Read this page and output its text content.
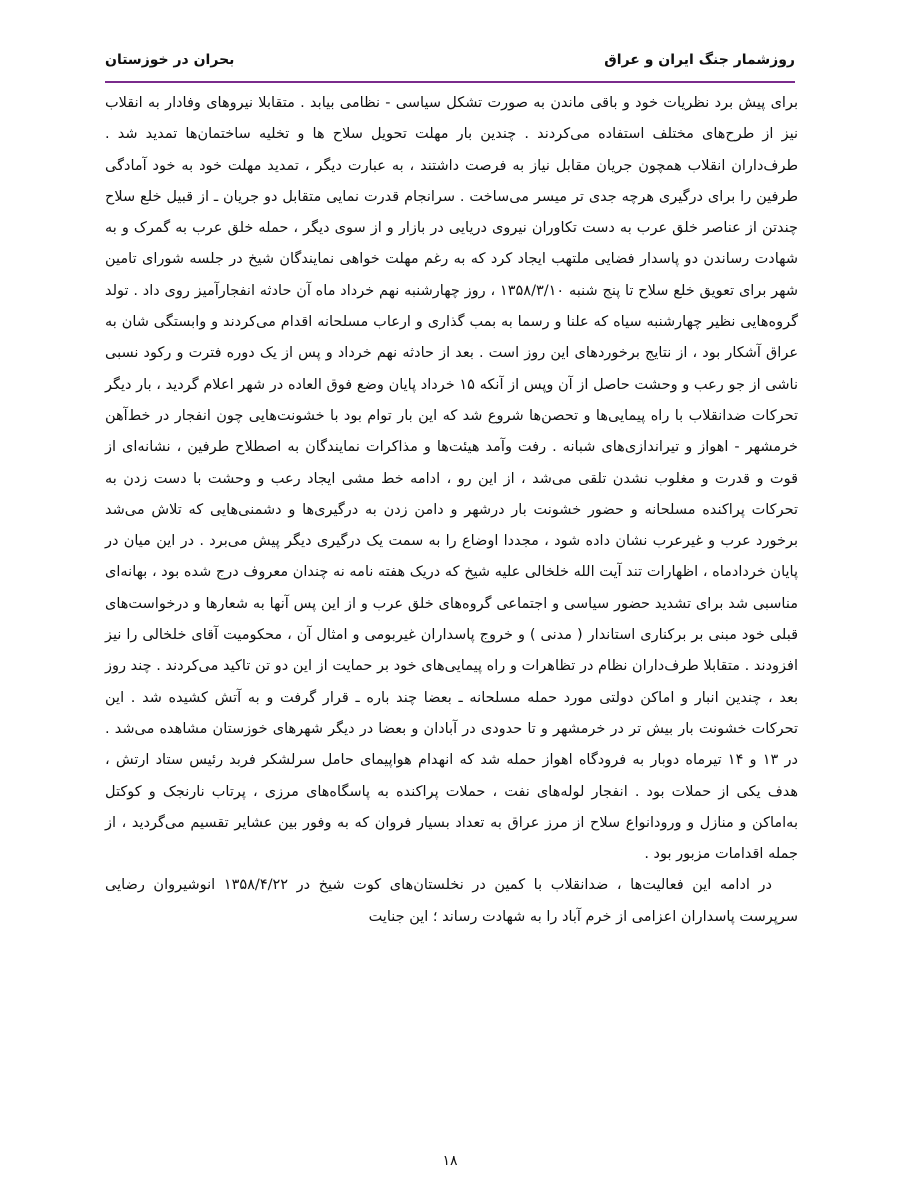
روزشمار جنگ ایران و عراق
بحران در خوزستان

برای پیش برد نظریات خود و باقی ماندن به صورت تشکل سیاسی - نظامی بیابد . متقابلا نیروهای وفادار به انقلاب نیز از طرح‌های مختلف استفاده می‌کردند . چندین بار مهلت تحویل سلاح ها و تخلیه ساختمان‌ها تمدید شد . طرف‌داران انقلاب همچون جریان مقابل نیاز به فرصت داشتند ، به عبارت دیگر ، تمدید مهلت خود به خود آمادگی طرفین را برای درگیری هرچه جدی تر میسر می‌ساخت . سرانجام قدرت نمایی متقابل دو جریان ـ از قبیل خلع سلاح چندتن از عناصر خلق عرب به دست تکاوران نیروی دریایی در بازار و از سوی دیگر ، حمله خلق عرب به گمرک و به شهادت رساندن دو پاسدار فضایی ملتهب ایجاد کرد که به رغم مهلت خواهی نمایندگان شیخ در جلسه شورای تامین شهر برای تعویق خلع سلاح تا پنج شنبه ۱۳۵۸/۳/۱۰ ، روز چهارشنبه نهم خرداد ماه آن حادثه انفجارآمیز روی داد . تولد گروه‌هایی نظیر چهارشنبه سیاه که علنا و رسما به بمب گذاری و ارعاب مسلحانه اقدام می‌کردند و وابستگی شان به عراق آشکار بود ، از نتایج برخوردهای این روز است . بعد از حادثه نهم خرداد و پس از یک دوره فترت و رکود نسبی ناشی از جو رعب و وحشت حاصل از آن وپس از آنکه ۱۵ خرداد پایان وضع فوق العاده در شهر اعلام گردید ، بار دیگر تحرکات ضدانقلاب با راه پیمایی‌ها و تحصن‌ها شروع شد که این بار توام بود با خشونت‌هایی چون انفجار در خط‌آهن خرمشهر - اهواز و تیراندازی‌های شبانه . رفت وآمد هیئت‌ها و مذاکرات نمایندگان به اصطلاح طرفین ، نشانه‌ای از قوت و قدرت و مغلوب نشدن تلقی می‌شد ، از این رو ، ادامه خط مشی ایجاد رعب و وحشت با دست زدن به تحرکات پراکنده مسلحانه و حضور خشونت بار درشهر و دامن زدن به درگیری‌ها و دشمنی‌هایی که تلاش می‌شد برخورد عرب و غیرعرب نشان داده شود ، مجددا اوضاع را به سمت یک درگیری دیگر پیش می‌برد . در این میان در پایان خردادماه ، اظهارات تند آیت الله خلخالی علیه شیخ که دریک هفته نامه نه چندان معروف درج شده بود ، بهانه‌ای مناسبی شد برای تشدید حضور سیاسی و اجتماعی گروه‌های خلق عرب و از این پس آنها به شعارها و درخواست‌های قبلی خود مبنی بر برکناری استاندار ( مدنی ) و خروج پاسداران غیربومی و امثال آن ، محکومیت آقای خلخالی را نیز افزودند . متقابلا طرف‌داران نظام در تظاهرات و راه پیمایی‌های خود بر حمایت از این دو تن تاکید می‌کردند . چند روز بعد ، چندین انبار و اماکن دولتی مورد حمله مسلحانه ـ بعضا چند باره ـ قرار گرفت و به آتش کشیده شد . این تحرکات خشونت بار بیش تر در خرمشهر و تا حدودی در آبادان و بعضا در دیگر شهرهای خوزستان مشاهده می‌شد . در ۱۳ و ۱۴ تیرماه دوبار به فرودگاه اهواز حمله شد که انهدام هواپیمای حامل سرلشکر فربد رئیس ستاد ارتش ، هدف یکی از حملات بود . انفجار لوله‌های نفت ، حملات پراکنده به پاسگاه‌های مرزی ، پرتاب نارنجک و کوکتل به‌اماکن و منازل و ورودانواع سلاح از مرز عراق به تعداد بسیار فروان که به وفور بین عشایر تقسیم می‌گردید ، از جمله اقدامات مزبور بود .

در ادامه این فعالیت‌ها ، ضدانقلاب با کمین در نخلستان‌های کوت شیخ در ۱۳۵۸/۴/۲۲ انوشیروان رضایی سرپرست پاسداران اعزامی از خرم آباد را به شهادت رساند ؛ این جنایت

۱۸
